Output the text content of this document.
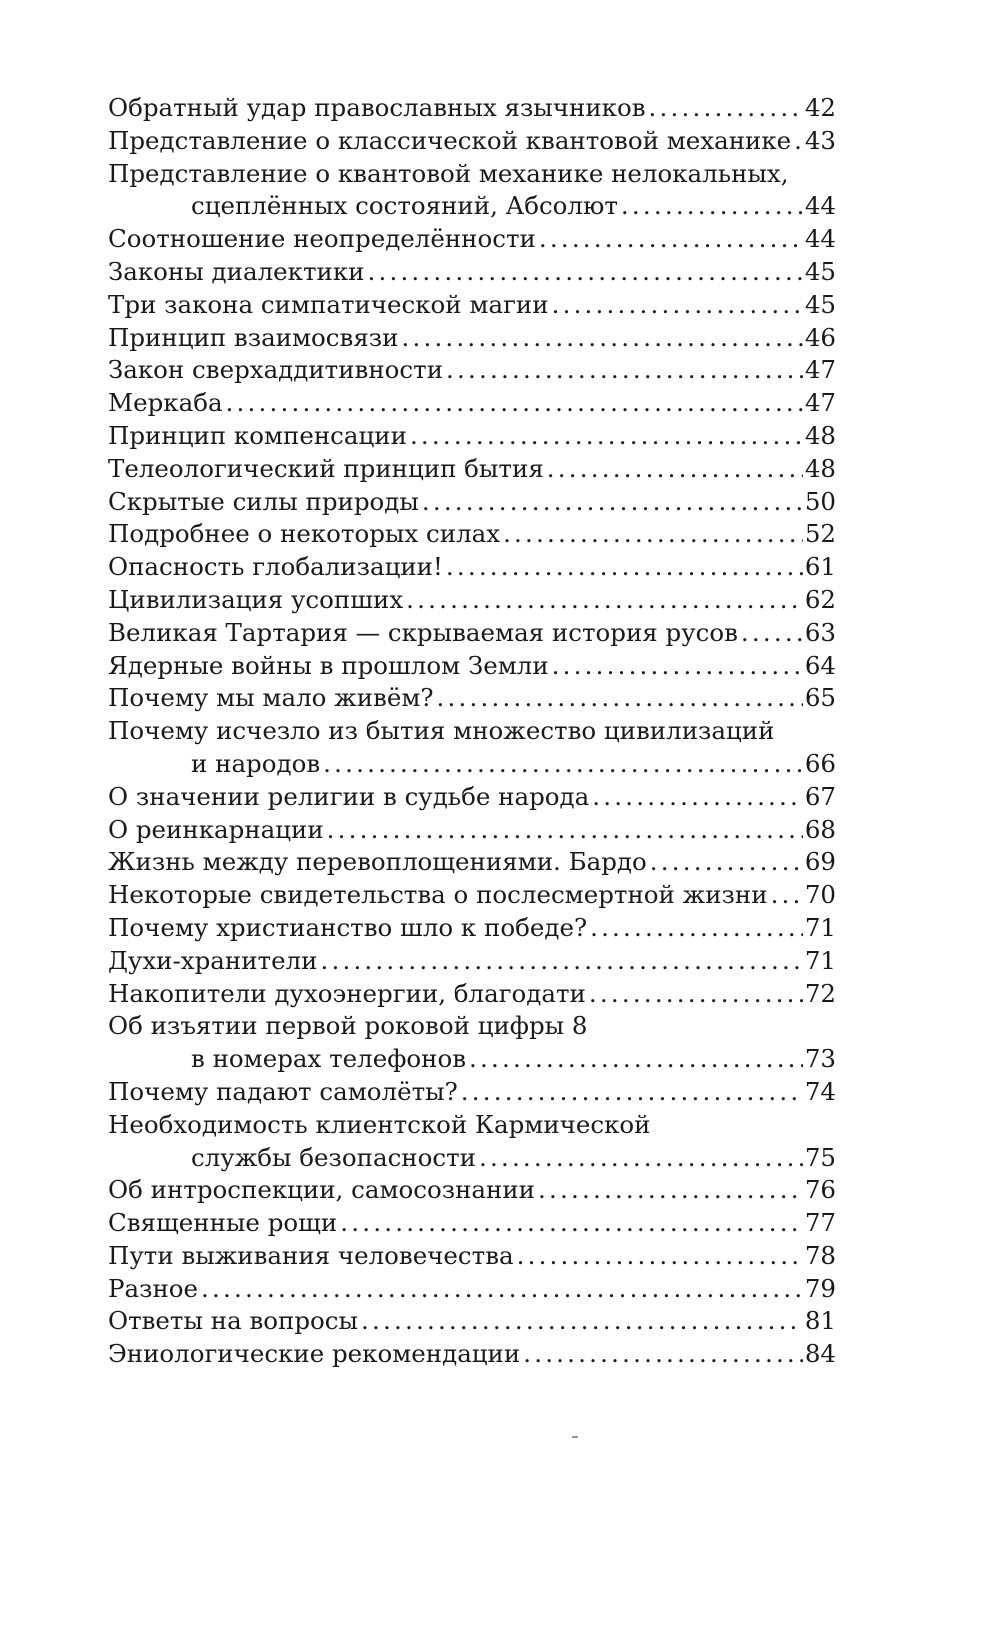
Обратный удар православных язычников .....	42
Представление о классической квантовой механике ..... 43
Представление о квантовой механике нелокальных,
сцеплённых состояний, Абсолют .....	44
Соотношение неопределённости .....	44
Законы диалектики .....	45
Три закона симпатической магии .....	45
Принцип взаимосвязи .....	46
Закон сверхаддитивности .....	47
Меркаба .....	47
Принцип компенсации .....	48
Телеологический принцип бытия .....	48
Скрытые силы природы .....	50
Подробнее о некоторых силах .....	52
Опасность глобализации! .....	61
Цивилизация усопших .....	62
Великая Тартария — скрываемая история русов .....	63
Ядерные войны в прошлом Земли .....	64
Почему мы мало живём? .....	65
Почему исчезло из бытия множество цивилизаций
и народов .....	66
О значении религии в судьбе народа .....	67
О реинкарнации .....	68
Жизнь между перевоплощениями. Бардо .....	69
Некоторые свидетельства о послесмертной жизни ..... 70
Почему христианство шло к победе? .....	71
Духи-хранители .....	71
Накопители духоэнергии, благодати .....	72
Об изъятии первой роковой цифры 8
в номерах телефонов .....	73
Почему падают самолёты? .....	74
Необходимость клиентской Кармической
службы безопасности .....	75
Об интроспекции, самосознании .....	76
Священные рощи .....	77
Пути выживания человечества .....	78
Разное .....	79
Ответы на вопросы .....	81
Эниологические рекомендации .....	84
